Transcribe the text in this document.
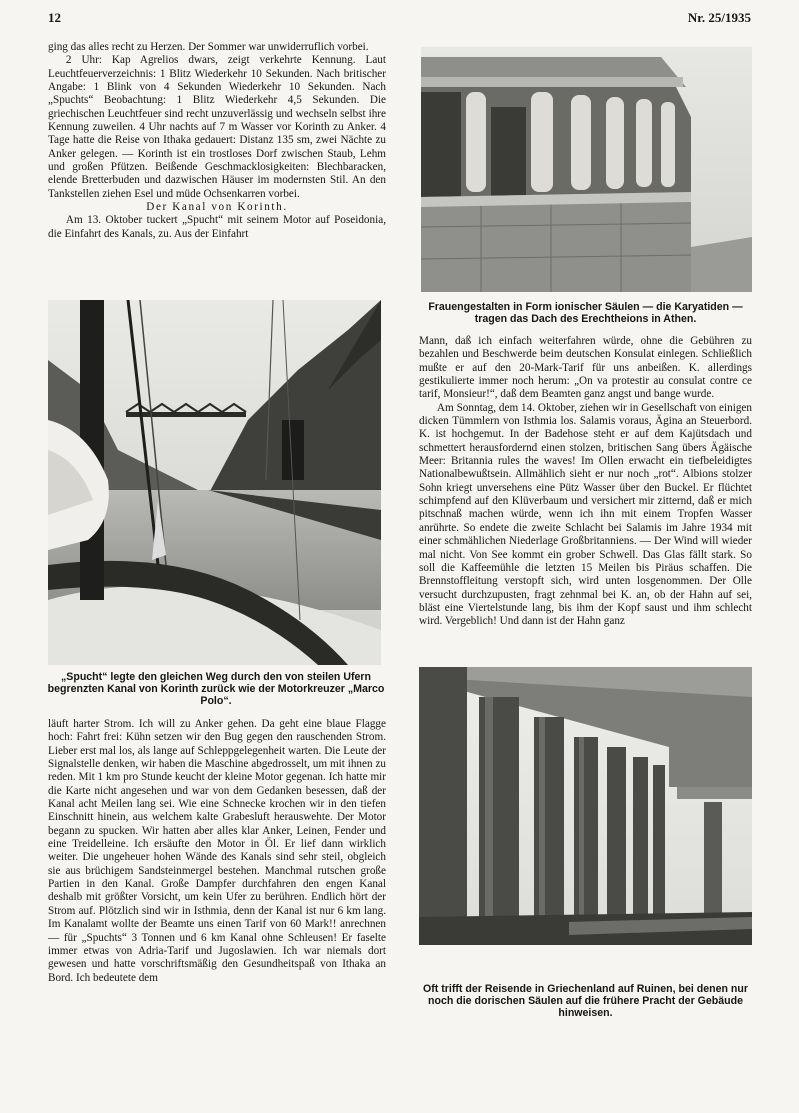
12	Nr. 25/1935

ging das alles recht zu Herzen. Der Sommer war unwiderruflich vorbei.

2 Uhr: Kap Agrelios dwars, zeigt verkehrte Kennung. Laut Leuchtfeuerverzeichnis: 1 Blitz Wiederkehr 10 Sekunden. Nach britischer Angabe: 1 Blink von 4 Sekunden Wiederkehr 10 Sekunden. Nach „Spuchts“ Beobachtung: 1 Blitz Wiederkehr 4,5 Sekunden. Die griechischen Leuchtfeuer sind recht unzuverlässig und wechseln selbst ihre Kennung zuweilen. 4 Uhr nachts auf 7 m Wasser vor Korinth zu Anker. 4 Tage hatte die Reise von Ithaka gedauert: Distanz 135 sm, zwei Nächte zu Anker gelegen. — Korinth ist ein trostloses Dorf zwischen Staub, Lehm und großen Pfützen. Beißende Geschmacklosigkeiten: Blechbaracken, elende Bretterbuden und dazwischen Häuser im modernsten Stil. An den Tankstellen ziehen Esel und müde Ochsenkarren vorbei.

Der Kanal von Korinth.

Am 13. Oktober tuckert „Spucht“ mit seinem Motor auf Poseidonia, die Einfahrt des Kanals, zu. Aus der Einfahrt

„Spucht“ legte den gleichen Weg durch den von steilen Ufern begrenzten Kanal von Korinth zurück wie der Motorkreuzer „Marco Polo“.

läuft harter Strom. Ich will zu Anker gehen. Da geht eine blaue Flagge hoch: Fahrt frei: Kühn setzen wir den Bug gegen den rauschenden Strom. Lieber erst mal los, als lange auf Schleppgelegenheit warten. Die Leute der Signalstelle denken, wir haben die Maschine abgedrosselt, um mit ihnen zu reden. Mit 1 km pro Stunde keucht der kleine Motor gegenan. Ich hatte mir die Karte nicht angesehen und war von dem Gedanken besessen, daß der Kanal acht Meilen lang sei. Wie eine Schnecke krochen wir in den tiefen Einschnitt hinein, aus welchem kalte Grabesluft herauswehte. Der Motor begann zu spucken. Wir hatten aber alles klar Anker, Leinen, Fender und eine Treidelleine. Ich ersäufte den Motor in Öl. Er lief dann wirklich weiter. Die ungeheuer hohen Wände des Kanals sind sehr steil, obgleich sie aus brüchigem Sandsteinmergel bestehen. Manchmal rutschen große Partien in den Kanal. Große Dampfer durchfahren den engen Kanal deshalb mit größter Vorsicht, um kein Ufer zu berühren. Endlich hört der Strom auf. Plötzlich sind wir in Isthmia, denn der Kanal ist nur 6 km lang. Im Kanalamt wollte der Beamte uns einen Tarif von 60 Mark!! anrechnen — für „Spuchts“ 3 Tonnen und 6 km Kanal ohne Schleusen! Er faselte immer etwas von Adria-Tarif und Jugoslawien. Ich war niemals dort gewesen und hatte vorschriftsmäßig den Gesundheitspaß von Ithaka an Bord. Ich bedeutete dem

Frauengestalten in Form ionischer Säulen — die Karyatiden — tragen das Dach des Erechtheions in Athen.

Mann, daß ich einfach weiterfahren würde, ohne die Gebühren zu bezahlen und Beschwerde beim deutschen Konsulat einlegen. Schließlich mußte er auf den 20-Mark-Tarif für uns anbeißen. K. allerdings gestikulierte immer noch herum: „On va protestir au consulat contre ce tarif, Monsieur!“, daß dem Beamten ganz angst und bange wurde.

Am Sonntag, dem 14. Oktober, ziehen wir in Gesellschaft von einigen dicken Tümmlern von Isthmia los. Salamis voraus, Ägina an Steuerbord. K. ist hochgemut. In der Badehose steht er auf dem Kajütsdach und schmettert herausfordernd einen stolzen, britischen Sang übers Ägäische Meer: Britannia rules the waves! Im Ollen erwacht ein tiefbeleidigtes Nationalbewußtsein. Allmählich sieht er nur noch „rot“. Albions stolzer Sohn kriegt unversehens eine Pütz Wasser über den Buckel. Er flüchtet schimpfend auf den Klüverbaum und versichert mir zitternd, daß er mich pitschnaß machen würde, wenn ich ihn mit einem Tropfen Wasser anrührte. So endete die zweite Schlacht bei Salamis im Jahre 1934 mit einer schmählichen Niederlage Großbritanniens. — Der Wind will wieder mal nicht. Von See kommt ein grober Schwell. Das Glas fällt stark. So soll die Kaffeemühle die letzten 15 Meilen bis Piräus schaffen. Die Brennstoffleitung verstopft sich, wird unten losgenommen. Der Olle versucht durchzupusten, fragt zehnmal bei K. an, ob der Hahn auf sei, bläst eine Viertelstunde lang, bis ihm der Kopf saust und ihm schlecht wird. Vergeblich! Und dann ist der Hahn ganz

Oft trifft der Reisende in Griechenland auf Ruinen, bei denen nur noch die dorischen Säulen auf die frühere Pracht der Gebäude hinweisen.
